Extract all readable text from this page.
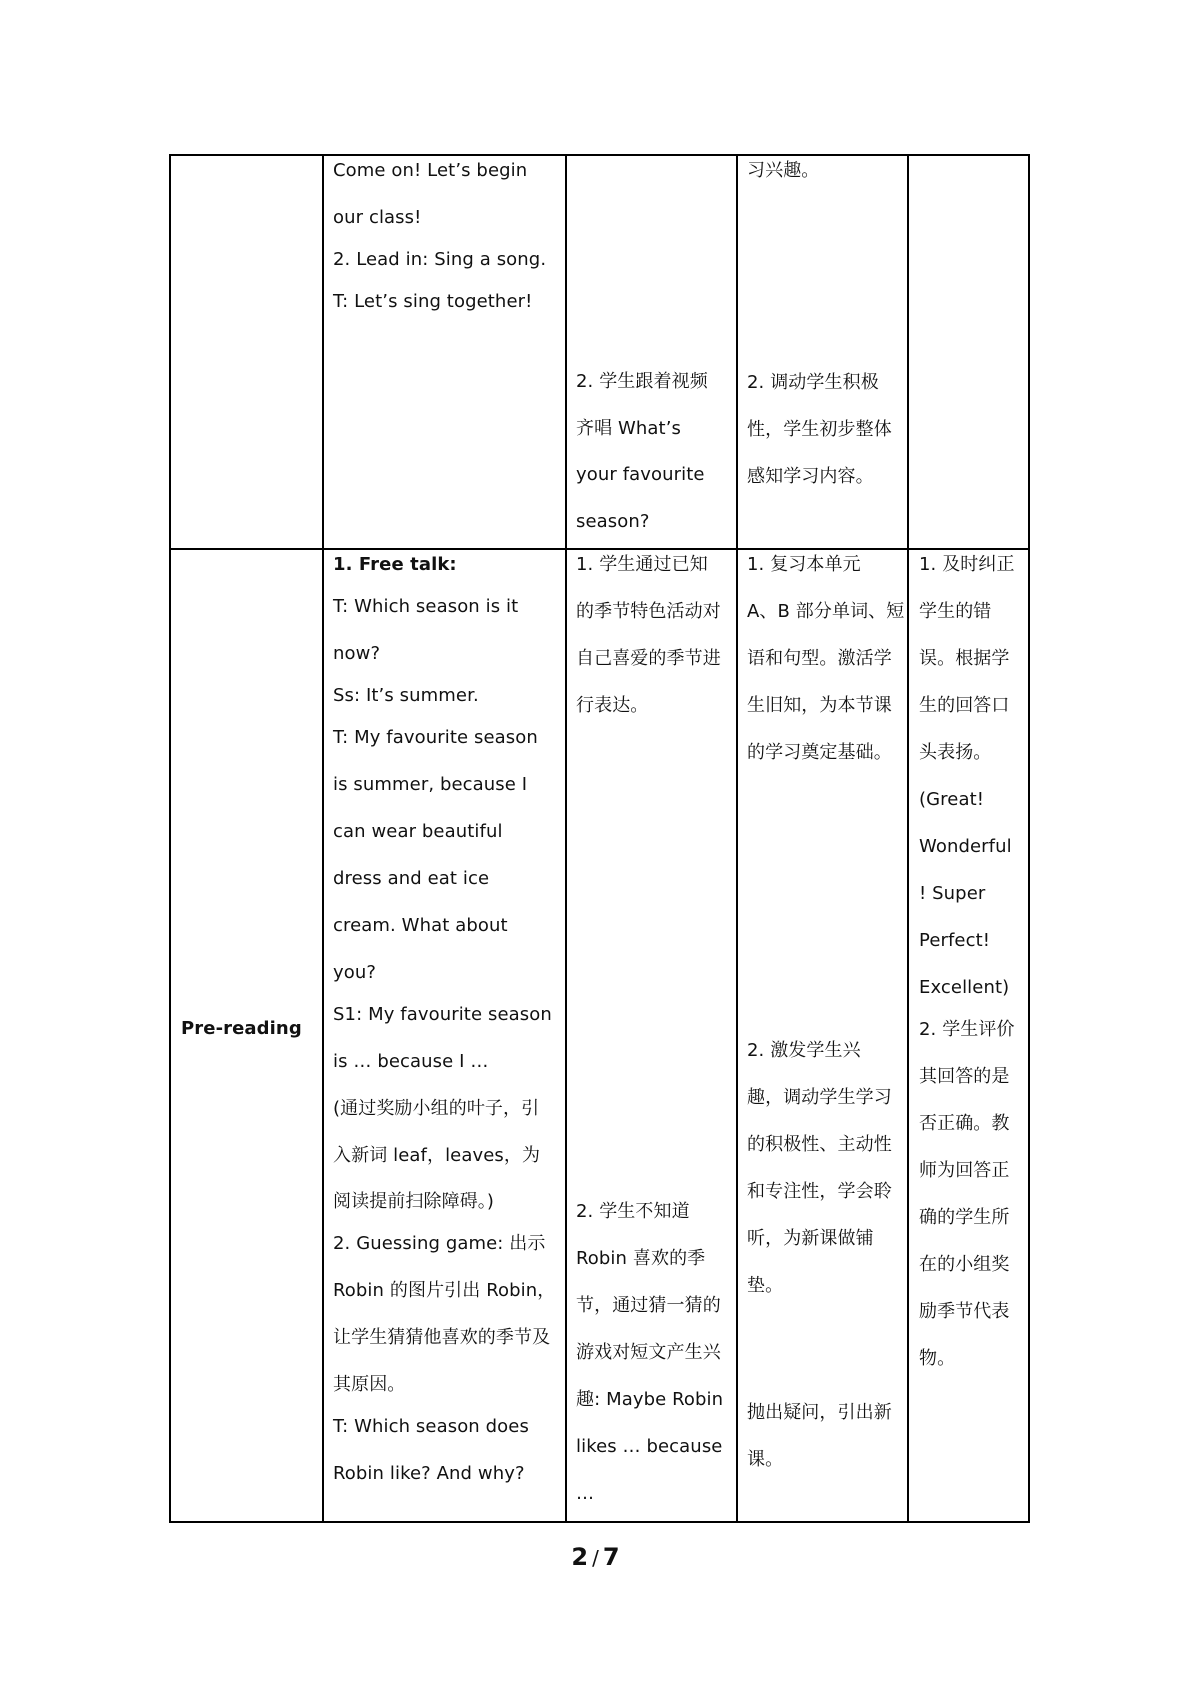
Come on! Let’s begin
our class!
2. Lead in: Sing a song.
T: Let’s sing together!
2. 学生跟着视频
齐唱 What’s
your favourite
season?
习兴趣。
2. 调动学生积极
性，学生初步整体
感知学习内容。
Pre-reading
1. Free talk:
T: Which season is it
now?
Ss: It’s summer.
T: My favourite season
is summer, because I
can wear beautiful
dress and eat ice
cream. What about
you?
S1: My favourite season
is … because I …
(通过奖励小组的叶子，引
入新词 leaf，leaves，为
阅读提前扫除障碍。)
2. Guessing game: 出示
Robin 的图片引出 Robin，
让学生猜猜他喜欢的季节及
其原因。
T: Which season does
Robin like? And why?
1. 学生通过已知
的季节特色活动对
自己喜爱的季节进
行表达。
2. 学生不知道
Robin 喜欢的季
节，通过猜一猜的
游戏对短文产生兴
趣: Maybe Robin
likes … because
…
1. 复习本单元
A、B 部分单词、短
语和句型。激活学
生旧知，为本节课
的学习奠定基础。
2. 激发学生兴
趣，调动学生学习
的积极性、主动性
和专注性，学会聆
听，为新课做铺
垫。
抛出疑问，引出新
课。
1. 及时纠正
学生的错
误。根据学
生的回答口
头表扬。
(Great!
Wonderful
! Super
Perfect!
Excellent)
2. 学生评价
其回答的是
否正确。教
师为回答正
确的学生所
在的小组奖
励季节代表
物。
2 / 7
